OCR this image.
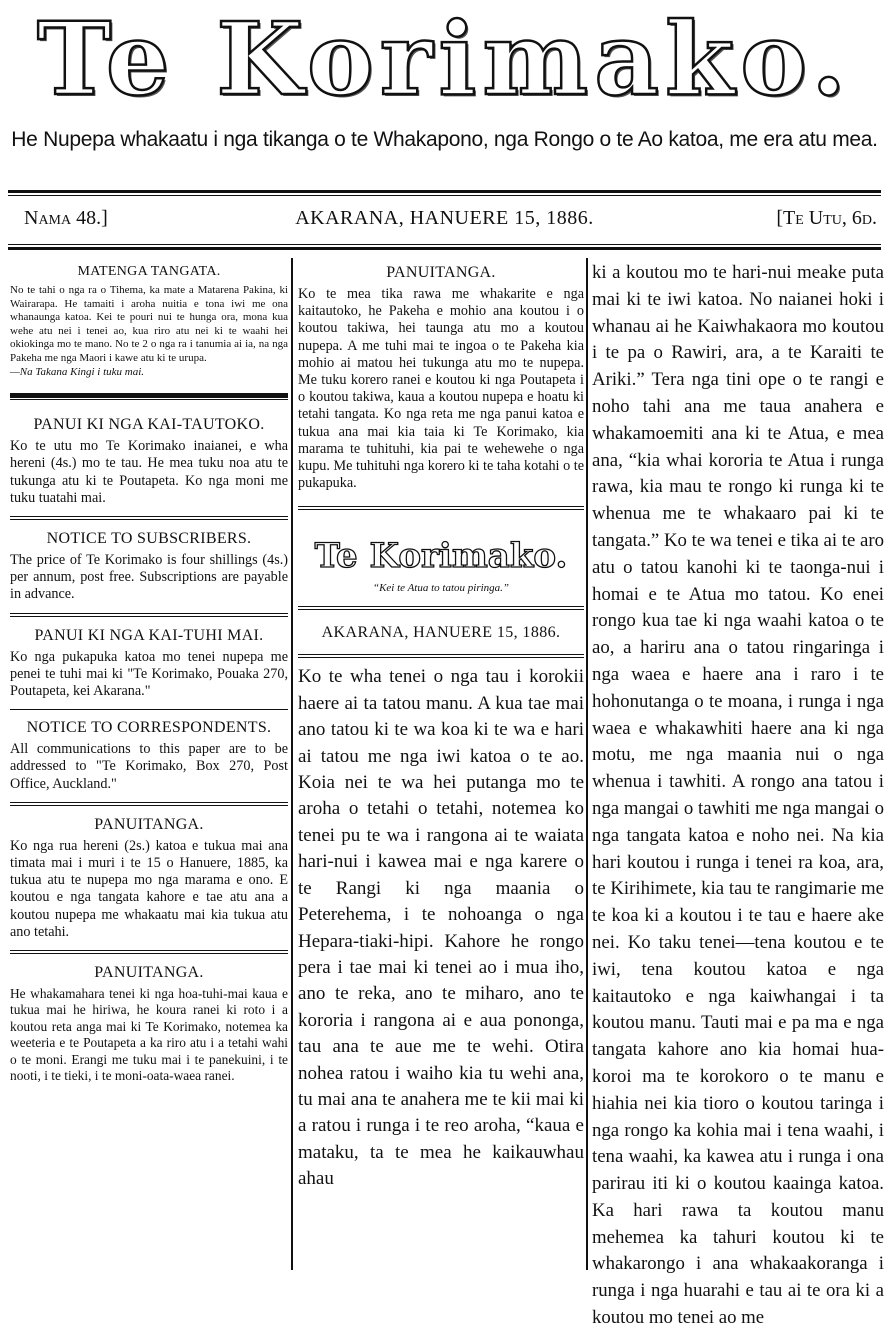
Te Korimako.
He Nupepa whakaatu i nga tikanga o te Whakapono, nga Rongo o te Ao katoa, me era atu mea.
Nama 48.]	AKARANA, HANUERE 15, 1886.	[Te Utu, 6d.
MATENGA TANGATA.

No te tahi o nga ra o Tihema, ka mate a Matarena Pakina, ki Wairarapa. He tamaiti i aroha nuitia e tona iwi me ona whanaunga katoa. Kei te pouri nui te hunga ora, mona kua wehe atu nei i tenei ao, kua riro atu nei ki te waahi hei okiokinga mo te mano. No te 2 o nga ra i tanumia ai ia, na nga Pakeha me nga Maori i kawe atu ki te urupa.

—Na Takana Kingi i tuku mai.

PANUI KI NGA KAI-TAUTOKO.

Ko te utu mo Te Korimako inaianei, e wha hereni (4s.) mo te tau. He mea tuku noa atu te tukunga atu ki te Poutapeta. Ko nga moni me tuku tuatahi mai.

NOTICE TO SUBSCRIBERS.

The price of Te Korimako is four shillings (4s.) per annum, post free. Subscriptions are payable in advance.

PANUI KI NGA KAI-TUHI MAI.

Ko nga pukapuka katoa mo tenei nupepa me penei te tuhi mai ki "Te Korimako, Pouaka 270, Poutapeta, kei Akarana."

NOTICE TO CORRESPONDENTS.

All communications to this paper are to be addressed to "Te Korimako, Box 270, Post Office, Auckland."

PANUITANGA.

Ko nga rua hereni (2s.) katoa e tukua mai ana timata mai i muri i te 15 o Hanuere, 1885, ka tukua atu te nupepa mo nga marama e ono. E koutou e nga tangata kahore e tae atu ana a koutou nupepa me whakaatu mai kia tukua atu ano tetahi.

PANUITANGA.

He whakamahara tenei ki nga hoa-tuhi-mai kaua e tukua mai he hiriwa, he koura ranei ki roto i a koutou reta anga mai ki Te Korimako, notemea ka weeteria e te Poutapeta a ka riro atu i a tetahi wahi o te moni. Erangi me tuku mai i te panekuini, i te nooti, i te tieki, i te moni-oata-waea ranei.

PANUITANGA.

Ko te mea tika rawa me whakarite e nga kaitautoko, he Pakeha e mohio ana koutou i o koutou takiwa, hei taunga atu mo a koutou nupepa. A me tuhi mai te ingoa o te Pakeha kia mohio ai matou hei tukunga atu mo te nupepa. Me tuku korero ranei e koutou ki nga Poutapeta i o koutou takiwa, kaua a koutou nupepa e hoatu ki tetahi tangata. Ko nga reta me nga panui katoa e tukua ana mai kia taia ki Te Korimako, kia marama te tuhituhi, kia pai te wehewehe o nga kupu. Me tuhituhi nga korero ki te taha kotahi o te pukapuka.

Te Korimako.
“Kei te Atua to tatou piringa.”
AKARANA, HANUERE 15, 1886.

Ko te wha tenei o nga tau i korokii haere ai ta tatou manu. A kua tae mai ano tatou ki te wa koa ki te wa e hari ai tatou me nga iwi katoa o te ao. Koia nei te wa hei putanga mo te aroha o tetahi o tetahi, notemea ko tenei pu te wa i rangona ai te waiata hari-nui i kawea mai e nga karere o te Rangi ki nga maania o Peterehema, i te nohoanga o nga Hepara-tiaki-hipi. Kahore he rongo pera i tae mai ki tenei ao i mua iho, ano te reka, ano te miharo, ano te kororia i rangona ai e aua ponongа, tau ana te aue me te wehi. Otira nohea ratou i waiho kia tu wehi ana, tu mai ana te anahera me te kii mai ki a ratou i runga i te reo aroha, “kaua e mataku, ta te mea he kaikauwhau ahau

ki a koutou mo te hari-nui meake puta mai ki te iwi katoa. No naianei hoki i whanau ai he Kaiwhakaora mo koutou i te pa o Rawiri, ara, a te Karaiti te Ariki.” Tera nga tini ope o te rangi e noho tahi ana me taua anahera e whakamoemiti ana ki te Atua, e mea ana, “kia whai kororia te Atua i runga rawa, kia mau te rongo ki runga ki te whenua me te whakaaro pai ki te tangata.” Ko te wa tenei e tika ai te aro atu o tatou kanohi ki te taonga-nui i homai e te Atua mo tatou. Ko enei rongo kua tae ki nga waahi katoa o te ao, a hariru ana o tatou ringaringa i nga waea e haere ana i raro i te hohonutanga o te moana, i runga i nga waea e whakawhiti haere ana ki nga motu, me nga maania nui o nga whenua i tawhiti. A rongo ana tatou i nga mangai o tawhiti me nga mangai o nga tangata katoa e noho nei. Na kia hari koutou i runga i tenei ra koa, ara, te Kirihimete, kia tau te rangimarie me te koa ki a koutou i te tau e haere ake nei. Ko taku tenei—tena koutou e te iwi, tena koutou katoa e nga kaitautoko e nga kaiwhangai i ta koutou manu. Tauti mai e pa ma e nga tangata kahore ano kia homai hua-koroi ma te korokoro o te manu e hiahia nei kia tioro o koutou taringa i nga rongo ka kohia mai i tena waahi, i tena waahi, ka kawea atu i runga i ona parirau iti ki o koutou kaainga katoa. Ka hari rawa ta koutou manu mehemea ka tahuri koutou ki te whakarongo i ana whakaakoranga i runga i nga huarahi e tau ai te ora ki a koutou mo tenei ao me
